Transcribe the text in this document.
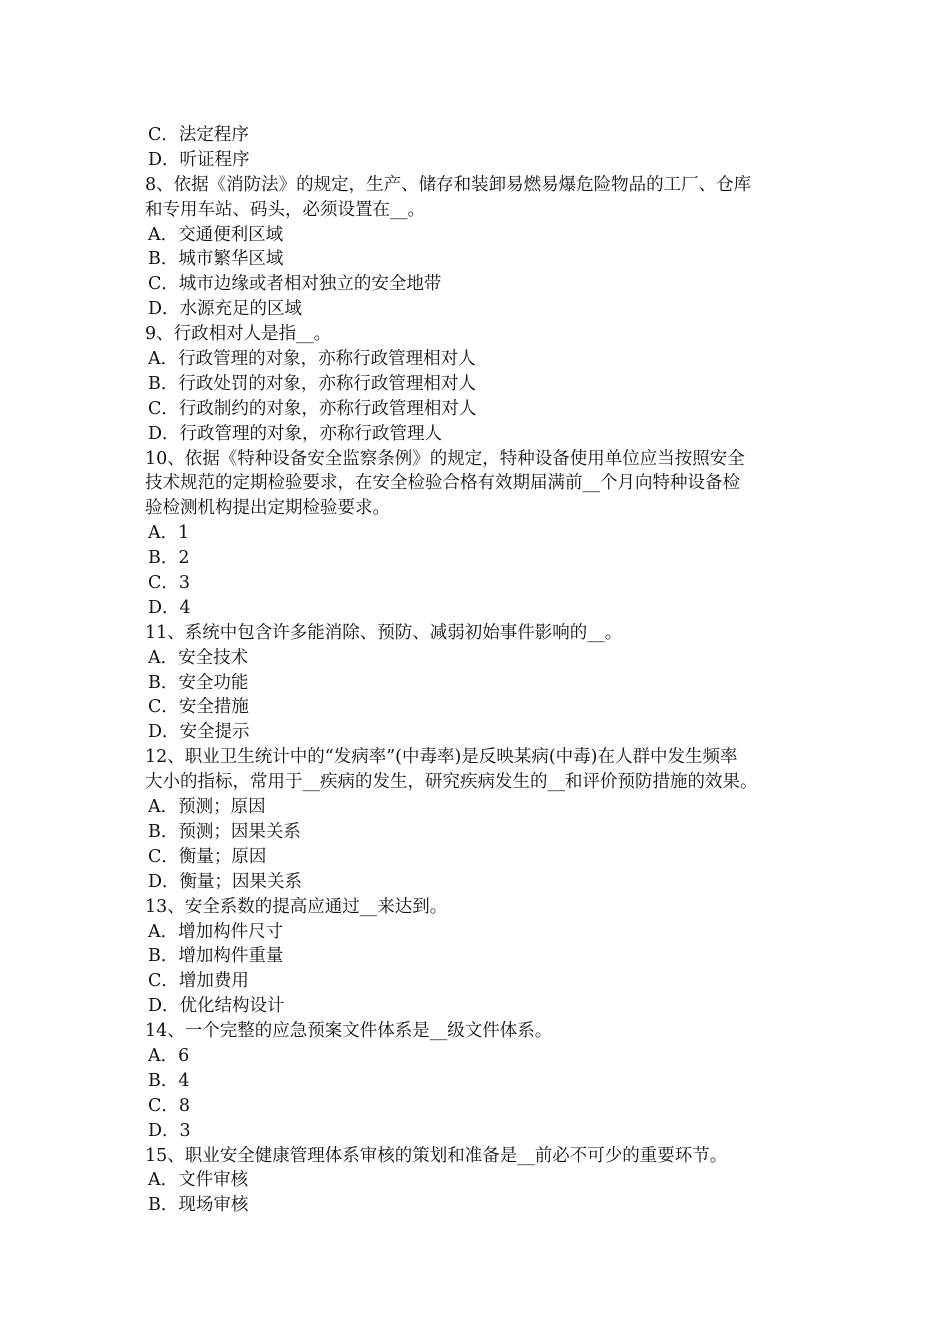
C．法定程序
D．听证程序
8、依据《消防法》的规定，生产、储存和装卸易燃易爆危险物品的工厂、仓库
和专用车站、码头，必须设置在__。
A．交通便利区域
B．城市繁华区域
C．城市边缘或者相对独立的安全地带
D．水源充足的区域
9、行政相对人是指__。
A．行政管理的对象，亦称行政管理相对人
B．行政处罚的对象，亦称行政管理相对人
C．行政制约的对象，亦称行政管理相对人
D．行政管理的对象，亦称行政管理人
10、依据《特种设备安全监察条例》的规定，特种设备使用单位应当按照安全
技术规范的定期检验要求，在安全检验合格有效期届满前__个月向特种设备检
验检测机构提出定期检验要求。
A．1
B．2
C．3
D．4
11、系统中包含许多能消除、预防、减弱初始事件影响的__。
A．安全技术
B．安全功能
C．安全措施
D．安全提示
12、职业卫生统计中的“发病率”(中毒率)是反映某病(中毒)在人群中发生频率
大小的指标，常用于__疾病的发生，研究疾病发生的__和评价预防措施的效果。
A．预测；原因
B．预测；因果关系
C．衡量；原因
D．衡量；因果关系
13、安全系数的提高应通过__来达到。
A．增加构件尺寸
B．增加构件重量
C．增加费用
D．优化结构设计
14、一个完整的应急预案文件体系是__级文件体系。
A．6
B．4
C．8
D．3
15、职业安全健康管理体系审核的策划和准备是__前必不可少的重要环节。
A．文件审核
B．现场审核
